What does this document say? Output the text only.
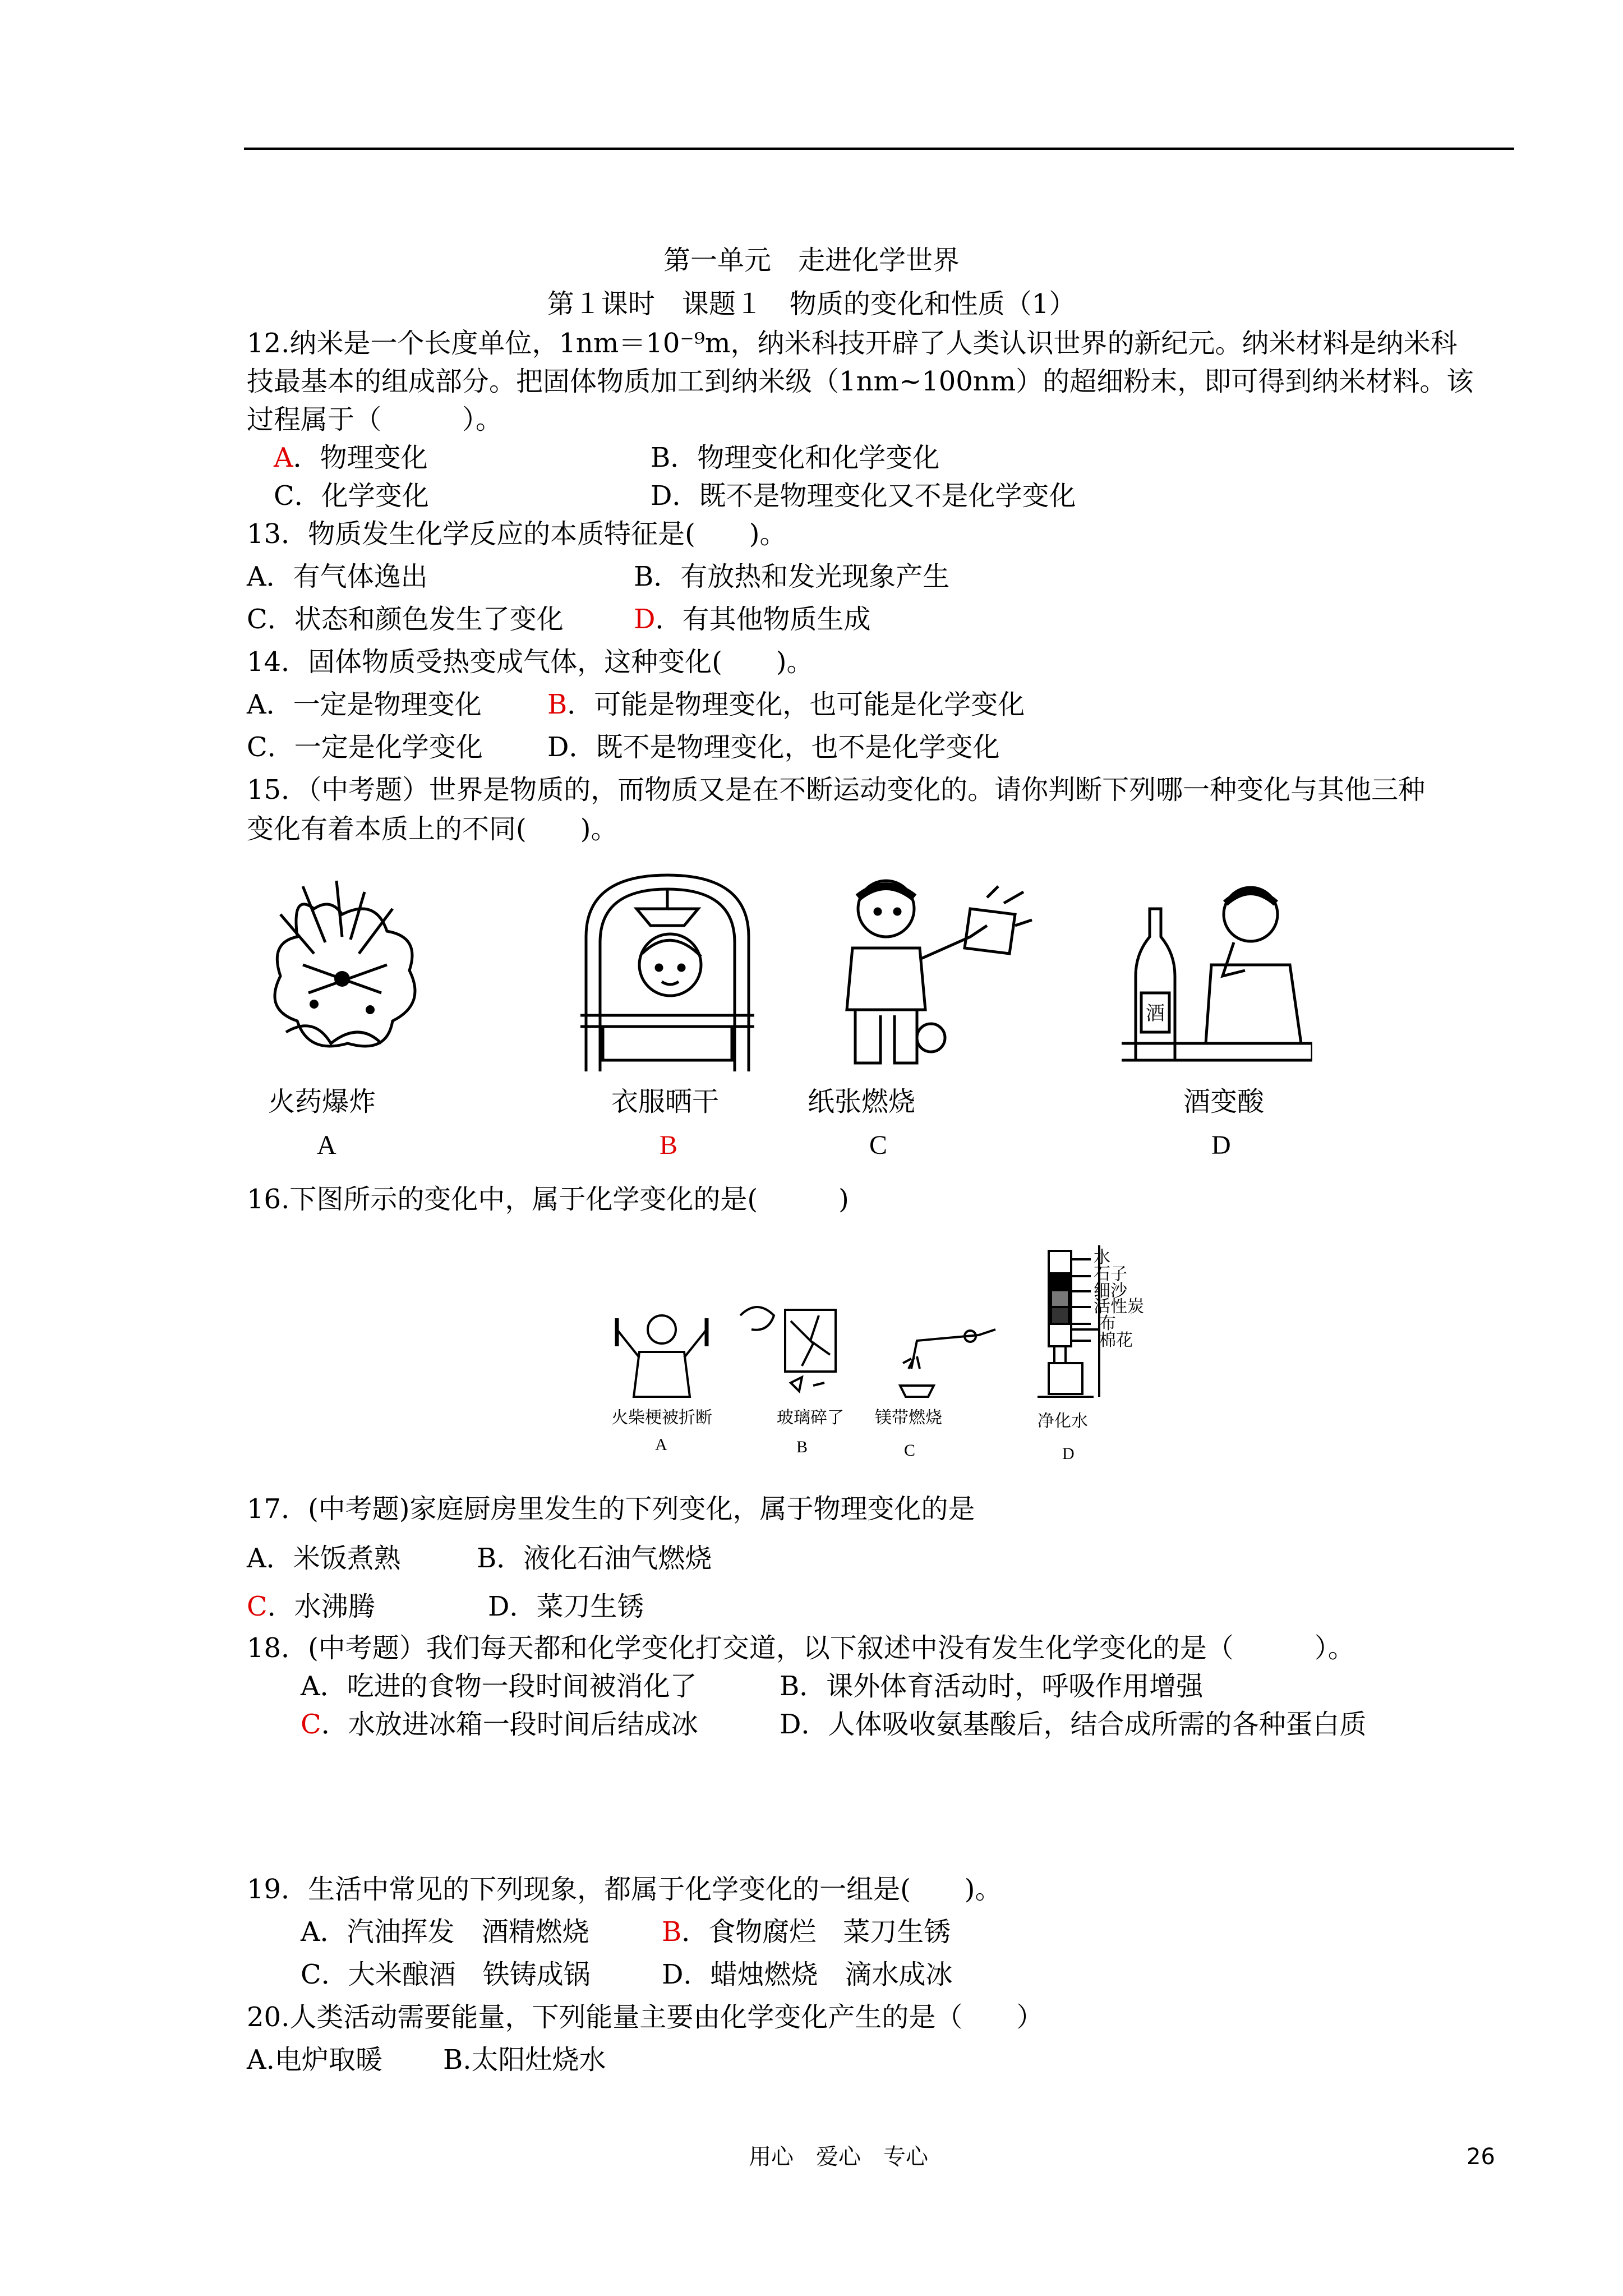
第一单元　走进化学世界
第１课时　课题１　物质的变化和性质（1）
12.纳米是一个长度单位，1nm＝10⁻⁹m，纳米科技开辟了人类认识世界的新纪元。纳米材料是纳米科
技最基本的组成部分。把固体物质加工到纳米级（1nm~100nm）的超细粉末，即可得到纳米材料。该
过程属于（　　　）。
A．物理变化	B．物理变化和化学变化
C．化学变化	D．既不是物理变化又不是化学变化
13．物质发生化学反应的本质特征是(　　)。
A．有气体逸出	B．有放热和发光现象产生
C．状态和颜色发生了变化	D．有其他物质生成
14．固体物质受热变成气体，这种变化(　　)。
A．一定是物理变化 B．可能是物理变化，也可能是化学变化
C．一定是化学变化 D．既不是物理变化，也不是化学变化
15．（中考题）世界是物质的，而物质又是在不断运动变化的。请你判断下列哪一种变化与其他三种
变化有着本质上的不同(　　)。
酒
火药爆炸	衣服晒干	纸张燃烧	酒变酸
A	B	C	D
16.下图所示的变化中，属于化学变化的是(　　　)
水
石子
细沙
活性炭
布
棉花
火柴梗被折断	玻璃碎了 镁带燃烧	净化水
A	B	C	D
17．(中考题)家庭厨房里发生的下列变化，属于物理变化的是
A．米饭煮熟	B．液化石油气燃烧
C．水沸腾	D．菜刀生锈
18．(中考题）我们每天都和化学变化打交道，以下叙述中没有发生化学变化的是（　　　）。
A．吃进的食物一段时间被消化了	B．课外体育活动时，呼吸作用增强
C．水放进冰箱一段时间后结成冰	D．人体吸收氨基酸后，结合成所需的各种蛋白质
19．生活中常见的下列现象，都属于化学变化的一组是(　　)。
A．汽油挥发　酒精燃烧	B．食物腐烂　菜刀生锈
C．大米酿酒　铁铸成锅	D．蜡烛燃烧　滴水成冰
20.人类活动需要能量，下列能量主要由化学变化产生的是（　　）
A.电炉取暖 B.太阳灶烧水
用心　爱心　专心	26
